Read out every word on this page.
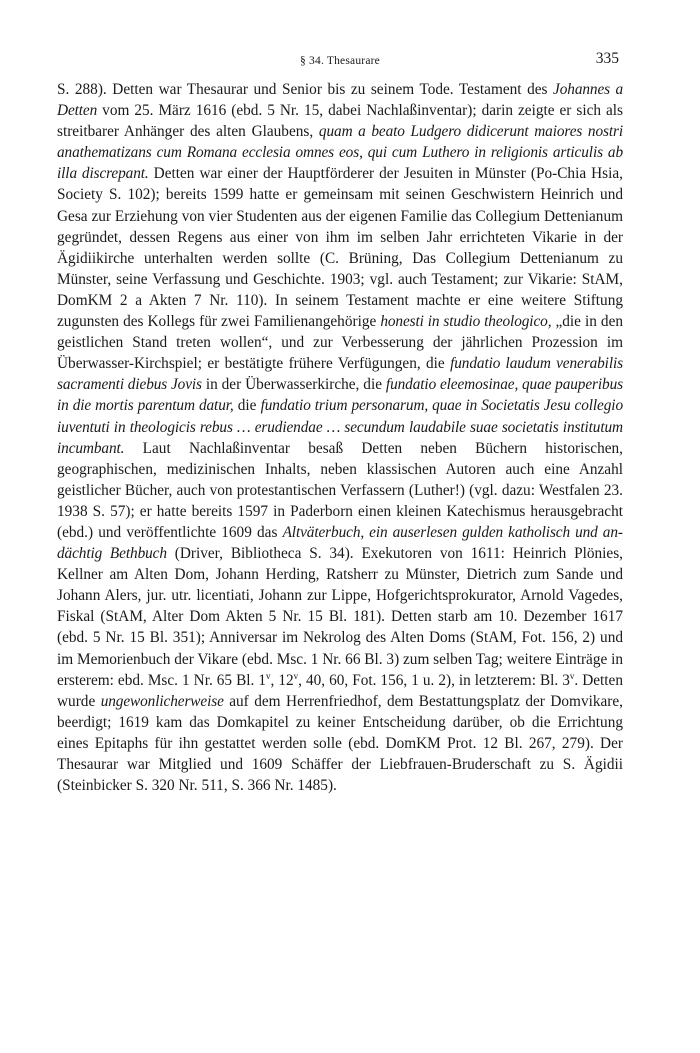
§ 34. Thesaurare	335

S. 288). Detten war Thesaurar und Senior bis zu seinem Tode. Testament des Johannes a Detten vom 25. März 1616 (ebd. 5 Nr. 15, dabei Nachlaßinventar); darin zeigte er sich als streitbarer Anhänger des alten Glaubens, quam a beato Ludgero didicerunt maiores nostri anathematizans cum Romana ecclesia omnes eos, qui cum Luthero in religionis articulis ab illa discrepant. Detten war einer der Hauptförderer der Jesuiten in Münster (Po-Chia Hsia, Society S. 102); bereits 1599 hatte er gemeinsam mit seinen Geschwistern Heinrich und Gesa zur Erziehung von vier Studenten aus der eigenen Familie das Collegium Dettenianum gegründet, dessen Regens aus einer von ihm im selben Jahr errichteten Vikarie in der Ägidiikirche unterhalten werden sollte (C. Brüning, Das Collegium Dettenianum zu Münster, seine Verfassung und Geschichte. 1903; vgl. auch Testament; zur Vikarie: StAM, DomKM 2 a Akten 7 Nr. 110). In seinem Testament machte er eine weitere Stiftung zugunsten des Kollegs für zwei Familienangehörige honesti in studio theologico, „die in den geistlichen Stand treten wollen“, und zur Verbesserung der jährlichen Prozession im Überwasser-Kirchspiel; er bestätigte frühere Verfügungen, die fundatio laudum venerabilis sacramenti diebus Jovis in der Überwasserkirche, die fundatio eleemosinae, quae pauperibus in die mortis parentum datur, die fundatio trium personarum, quae in Societatis Jesu collegio iuventuti in theologicis rebus … erudiendae … secundum laudabile suae societatis institutum incumbant. Laut Nachlaßinventar besaß Detten neben Büchern historischen, geographischen, medizinischen Inhalts, neben klassischen Autoren auch eine Anzahl geistlicher Bücher, auch von protestantischen Verfassern (Luther!) (vgl. dazu: Westfalen 23. 1938 S. 57); er hatte bereits 1597 in Paderborn einen kleinen Katechismus herausgebracht (ebd.) und veröffentlichte 1609 das Altväterbuch, ein auserlesen gulden katholisch und andächtig Bethbuch (Driver, Bibliotheca S. 34). Exekutoren von 1611: Heinrich Plönies, Kellner am Alten Dom, Johann Herding, Ratsherr zu Münster, Dietrich zum Sande und Johann Alers, jur. utr. licentiati, Johann zur Lippe, Hofgerichtsprokurator, Arnold Vagedes, Fiskal (StAM, Alter Dom Akten 5 Nr. 15 Bl. 181). Detten starb am 10. Dezember 1617 (ebd. 5 Nr. 15 Bl. 351); Anniversar im Nekrolog des Alten Doms (StAM, Fot. 156, 2) und im Memorienbuch der Vikare (ebd. Msc. 1 Nr. 66 Bl. 3) zum selben Tag; weitere Einträge in ersterem: ebd. Msc. 1 Nr. 65 Bl. 1$^v$, 12$^v$, 40, 60, Fot. 156, 1 u. 2), in letzterem: Bl. 3$^v$. Detten wurde ungewonlicherweise auf dem Herrenfriedhof, dem Bestattungsplatz der Domvikare, beerdigt; 1619 kam das Domkapitel zu keiner Entscheidung darüber, ob die Errichtung eines Epitaphs für ihn gestattet werden solle (ebd. DomKM Prot. 12 Bl. 267, 279). Der Thesaurar war Mitglied und 1609 Schäffer der Liebfrauen-Bruderschaft zu S. Ägidii (Steinbicker S. 320 Nr. 511, S. 366 Nr. 1485).
